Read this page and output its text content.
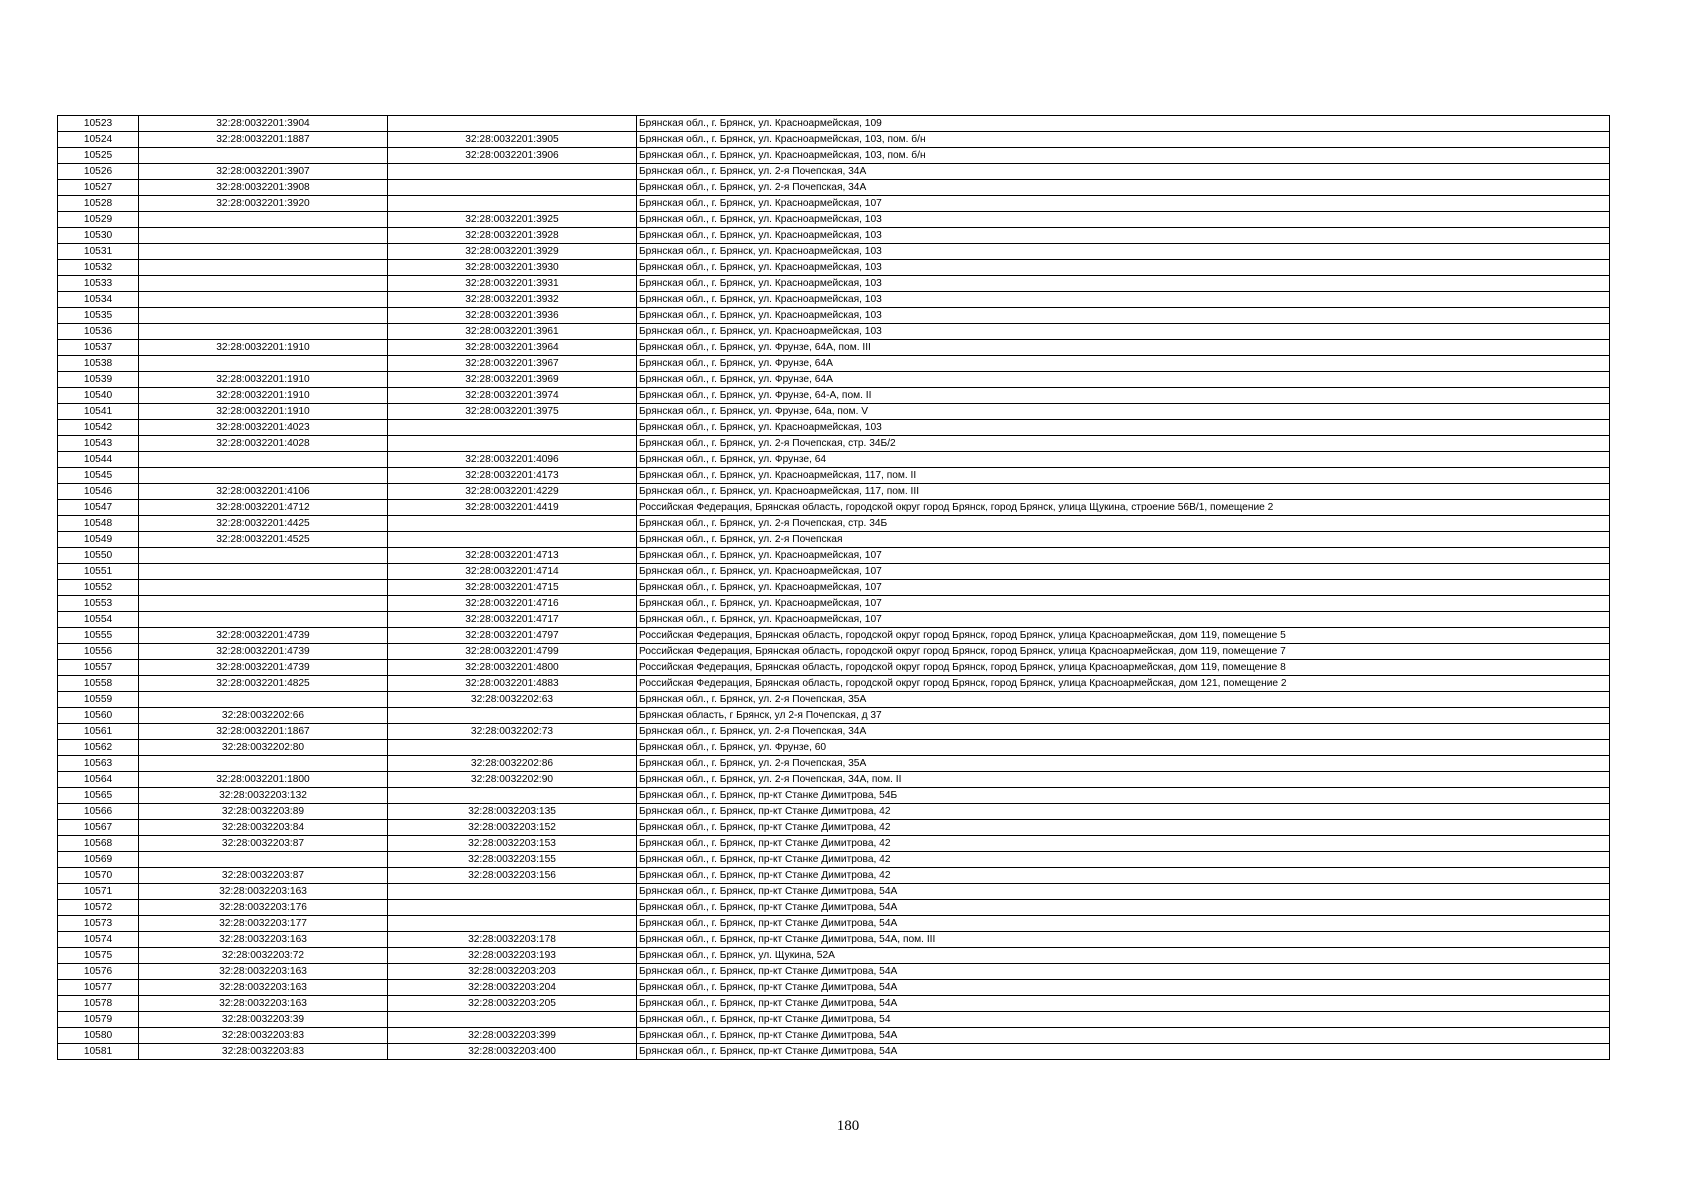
10523	32:28:0032201:3904		Брянская обл., г. Брянск, ул. Красноармейская, 109
10524	32:28:0032201:1887	32:28:0032201:3905	Брянская обл., г. Брянск, ул. Красноармейская, 103, пом. б/н
10525		32:28:0032201:3906	Брянская обл., г. Брянск, ул. Красноармейская, 103, пом. б/н
10526	32:28:0032201:3907		Брянская обл., г. Брянск, ул. 2-я Почепская, 34А
10527	32:28:0032201:3908		Брянская обл., г. Брянск, ул. 2-я Почепская, 34А
10528	32:28:0032201:3920		Брянская обл., г. Брянск, ул. Красноармейская, 107
10529		32:28:0032201:3925	Брянская обл., г. Брянск, ул. Красноармейская, 103
10530		32:28:0032201:3928	Брянская обл., г. Брянск, ул. Красноармейская, 103
10531		32:28:0032201:3929	Брянская обл., г. Брянск, ул. Красноармейская, 103
10532		32:28:0032201:3930	Брянская обл., г. Брянск, ул. Красноармейская, 103
10533		32:28:0032201:3931	Брянская обл., г. Брянск, ул. Красноармейская, 103
10534		32:28:0032201:3932	Брянская обл., г. Брянск, ул. Красноармейская, 103
10535		32:28:0032201:3936	Брянская обл., г. Брянск, ул. Красноармейская, 103
10536		32:28:0032201:3961	Брянская обл., г. Брянск, ул. Красноармейская, 103
10537	32:28:0032201:1910	32:28:0032201:3964	Брянская обл., г. Брянск, ул. Фрунзе, 64А, пом. III
10538		32:28:0032201:3967	Брянская обл., г. Брянск, ул. Фрунзе, 64А
10539	32:28:0032201:1910	32:28:0032201:3969	Брянская обл., г. Брянск, ул. Фрунзе, 64А
10540	32:28:0032201:1910	32:28:0032201:3974	Брянская обл., г. Брянск, ул. Фрунзе, 64-А, пом. II
10541	32:28:0032201:1910	32:28:0032201:3975	Брянская обл., г. Брянск, ул. Фрунзе, 64а, пом. V
10542	32:28:0032201:4023		Брянская обл., г. Брянск, ул. Красноармейская, 103
10543	32:28:0032201:4028		Брянская обл., г. Брянск, ул. 2-я Почепская, стр. 34Б/2
10544		32:28:0032201:4096	Брянская обл., г. Брянск, ул. Фрунзе, 64
10545		32:28:0032201:4173	Брянская обл., г. Брянск, ул. Красноармейская, 117, пом. II
10546	32:28:0032201:4106	32:28:0032201:4229	Брянская обл., г. Брянск, ул. Красноармейская, 117, пом. III
10547	32:28:0032201:4712	32:28:0032201:4419	Российская Федерация, Брянская область, городской округ город Брянск, город Брянск, улица Щукина, строение 56В/1, помещение 2
10548	32:28:0032201:4425		Брянская обл., г. Брянск, ул. 2-я Почепская, стр. 34Б
10549	32:28:0032201:4525		Брянская обл., г. Брянск, ул. 2-я Почепская
10550		32:28:0032201:4713	Брянская обл., г. Брянск, ул. Красноармейская, 107
10551		32:28:0032201:4714	Брянская обл., г. Брянск, ул. Красноармейская, 107
10552		32:28:0032201:4715	Брянская обл., г. Брянск, ул. Красноармейская, 107
10553		32:28:0032201:4716	Брянская обл., г. Брянск, ул. Красноармейская, 107
10554		32:28:0032201:4717	Брянская обл., г. Брянск, ул. Красноармейская, 107
10555	32:28:0032201:4739	32:28:0032201:4797	Российская Федерация, Брянская область, городской округ город Брянск, город Брянск, улица Красноармейская, дом 119, помещение 5
10556	32:28:0032201:4739	32:28:0032201:4799	Российская Федерация, Брянская область, городской округ город Брянск, город Брянск, улица Красноармейская, дом 119, помещение 7
10557	32:28:0032201:4739	32:28:0032201:4800	Российская Федерация, Брянская область, городской округ город Брянск, город Брянск, улица Красноармейская, дом 119, помещение 8
10558	32:28:0032201:4825	32:28:0032201:4883	Российская Федерация, Брянская область, городской округ город Брянск, город Брянск, улица Красноармейская, дом 121, помещение 2
10559		32:28:0032202:63	Брянская обл., г. Брянск, ул. 2-я Почепская, 35А
10560	32:28:0032202:66		Брянская область, г Брянск, ул 2-я Почепская, д 37
10561	32:28:0032201:1867	32:28:0032202:73	Брянская обл., г. Брянск, ул. 2-я Почепская, 34А
10562	32:28:0032202:80		Брянская обл., г. Брянск, ул. Фрунзе, 60
10563		32:28:0032202:86	Брянская обл., г. Брянск, ул. 2-я Почепская, 35А
10564	32:28:0032201:1800	32:28:0032202:90	Брянская обл., г. Брянск, ул. 2-я Почепская, 34А, пом. II
10565	32:28:0032203:132		Брянская обл., г. Брянск, пр-кт Станке Димитрова, 54Б
10566	32:28:0032203:89	32:28:0032203:135	Брянская обл., г. Брянск, пр-кт Станке Димитрова, 42
10567	32:28:0032203:84	32:28:0032203:152	Брянская обл., г. Брянск, пр-кт Станке Димитрова, 42
10568	32:28:0032203:87	32:28:0032203:153	Брянская обл., г. Брянск, пр-кт Станке Димитрова, 42
10569		32:28:0032203:155	Брянская обл., г. Брянск, пр-кт Станке Димитрова, 42
10570	32:28:0032203:87	32:28:0032203:156	Брянская обл., г. Брянск, пр-кт Станке Димитрова, 42
10571	32:28:0032203:163		Брянская обл., г. Брянск, пр-кт Станке Димитрова, 54А
10572	32:28:0032203:176		Брянская обл., г. Брянск, пр-кт Станке Димитрова, 54А
10573	32:28:0032203:177		Брянская обл., г. Брянск, пр-кт Станке Димитрова, 54А
10574	32:28:0032203:163	32:28:0032203:178	Брянская обл., г. Брянск, пр-кт Станке Димитрова, 54А, пом. III
10575	32:28:0032203:72	32:28:0032203:193	Брянская обл., г. Брянск, ул. Щукина, 52А
10576	32:28:0032203:163	32:28:0032203:203	Брянская обл., г. Брянск, пр-кт Станке Димитрова, 54А
10577	32:28:0032203:163	32:28:0032203:204	Брянская обл., г. Брянск, пр-кт Станке Димитрова, 54А
10578	32:28:0032203:163	32:28:0032203:205	Брянская обл., г. Брянск, пр-кт Станке Димитрова, 54А
10579	32:28:0032203:39		Брянская обл., г. Брянск, пр-кт Станке Димитрова, 54
10580	32:28:0032203:83	32:28:0032203:399	Брянская обл., г. Брянск, пр-кт Станке Димитрова, 54А
10581	32:28:0032203:83	32:28:0032203:400	Брянская обл., г. Брянск, пр-кт Станке Димитрова, 54А
180
